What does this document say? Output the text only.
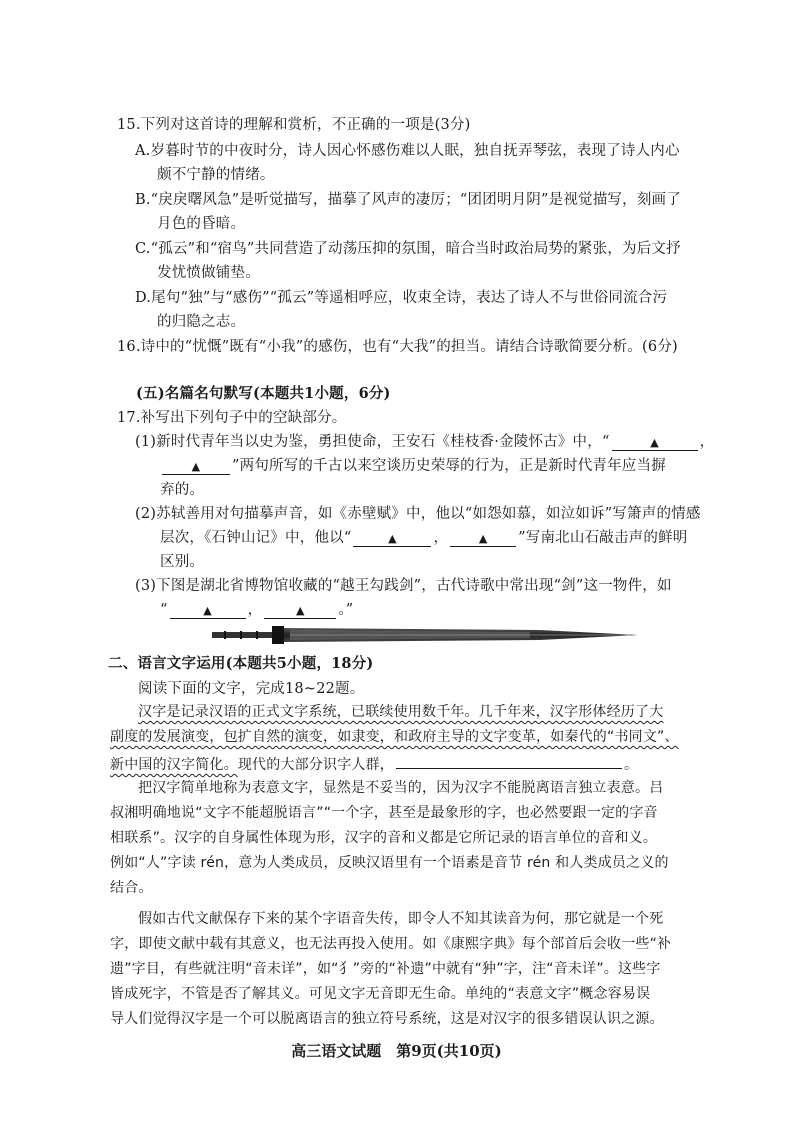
15.下列对这首诗的理解和赏析，不正确的一项是(3分)
A.岁暮时节的中夜时分，诗人因心怀感伤难以人眠，独自抚弄琴弦，表现了诗人内心
颇不宁静的情绪。
B.“戾戾曙风急”是听觉描写，描摹了风声的凄厉；“团团明月阴”是视觉描写，刻画了
月色的昏暗。
C.“孤云”和“宿鸟”共同营造了动荡压抑的氛围，暗合当时政治局势的紧张，为后文抒
发忧愤做铺垫。
D.尾句“独”与“感伤”“孤云”等遥相呼应，收束全诗，表达了诗人不与世俗同流合污
的归隐之志。
16.诗中的“忧慨”既有“小我”的感伤，也有“大我”的担当。请结合诗歌简要分析。(6分)
(五)名篇名句默写(本题共1小题，6分)
17.补写出下列句子中的空缺部分。
(1)新时代青年当以史为鉴，勇担使命，王安石《桂枝香·金陵怀古》中，“	▲	，
▲ ”两句所写的千古以来空谈历史荣辱的行为，正是新时代青年应当摒
弃的。
(2)苏轼善用对句描摹声音，如《赤壁赋》中，他以“如怨如慕，如泣如诉”写箫声的情感
层次，《石钟山记》中，他以“	▲	，	▲ ”写南北山石敲击声的鲜明
区别。
(3)下图是湖北省博物馆收藏的“越王勾践剑”，古代诗歌中常出现“剑”这一物件，如
“	▲ ，	▲ 。”
二、语言文字运用(本题共5小题，18分)
阅读下面的文字，完成18~22题。
汉字是记录汉语的正式文字系统，已联续使用数千年。几千年来，汉字形体经历了大
副度的发展演变，包扩自然的演变，如隶变，和政府主导的文字变革，如秦代的“书同文”、
新中国的汉字简化。现代的大部分识字人群，	。
把汉字简单地称为表意文字，显然是不妥当的，因为汉字不能脱离语言独立表意。吕
叔湘明确地说“文字不能超脱语言”“一个字，甚至是最象形的字，也必然要跟一定的字音
相联系”。汉字的自身属性体现为形，汉字的音和义都是它所记录的语言单位的音和义。
例如“人”字读 rén，意为人类成员，反映汉语里有一个语素是音节 rén 和人类成员之义的
结合。
假如古代文献保存下来的某个字语音失传，即令人不知其读音为何，那它就是一个死
字，即使文献中载有其意义，也无法再投入使用。如《康熙字典》每个部首后会收一些“补
遗”字目，有些就注明“音未详”，如“犭”旁的“补遗”中就有“狆”字，注“音未详”。这些字
皆成死字，不管是否了解其义。可见文字无音即无生命。单纯的“表意文字”概念容易误
高三语文试题　第9页(共10页)
导人们觉得汉字是一个可以脱离语言的独立符号系统，这是对汉字的很多错误认识之源。
